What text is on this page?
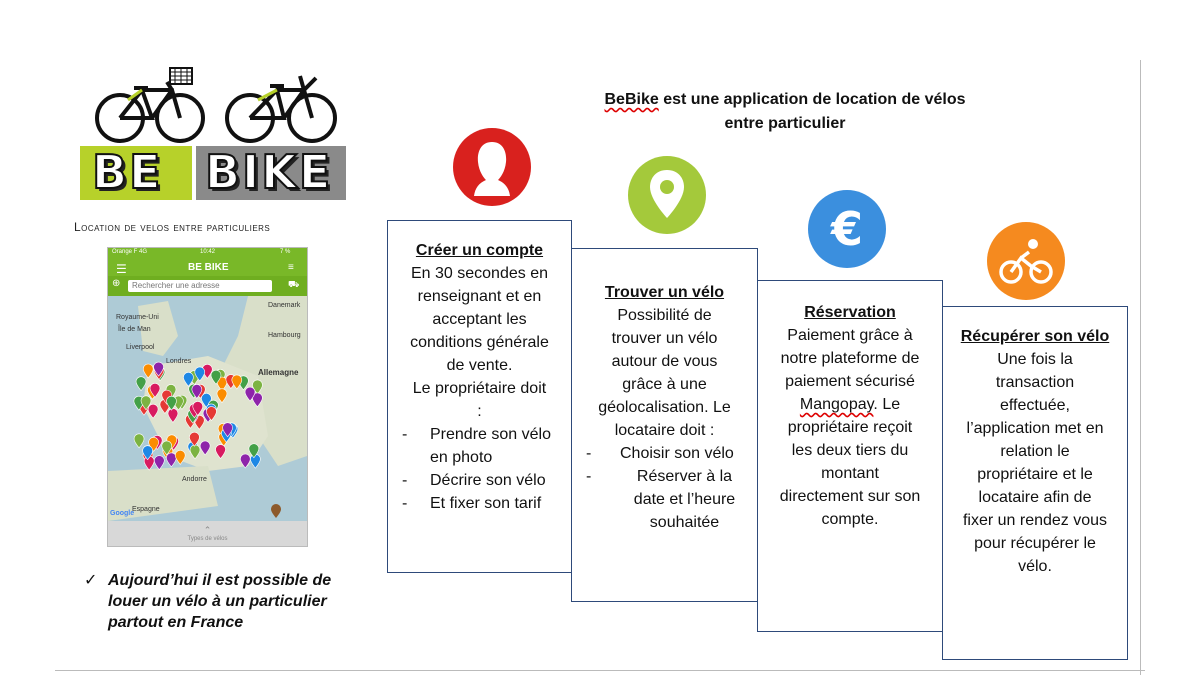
BE BIKE
Location de velos entre particuliers
Orange F 4G	10:42	7 %
☰	BE BIKE	≡
⊕	Rechercher une adresse	⛟
Royaume-Uni
Île de Man
Liverpool
Danemark
Hambourg
Londres
Allemagne
Espagne
Andorre
Google
⌃
Types de vélos
✓ Aujourd’hui il est possible de louer un vélo à un particulier partout en France
BeBike est une application de location de vélos
entre particulier
€
Créer un compte
En 30 secondes en
renseignant et en
acceptant les
conditions générale
de vente.
Le propriétaire doit
:
- Prendre son vélo en photo
- Décrire son vélo
- Et fixer son tarif
Trouver un vélo
Possibilité de
trouver un vélo
autour de vous
grâce à une
géolocalisation. Le
locataire doit :
- Choisir son vélo
-	Réserver à la date et l’heure souhaitée
Réservation
Paiement grâce à
notre plateforme de
paiement sécurisé
Mangopay. Le
propriétaire reçoit
les deux tiers du
montant
directement sur son
compte.
Récupérer son vélo
Une fois la
transaction
effectuée,
l’application met en
relation le
propriétaire et le
locataire afin de
fixer un rendez vous
pour récupérer le
vélo.
